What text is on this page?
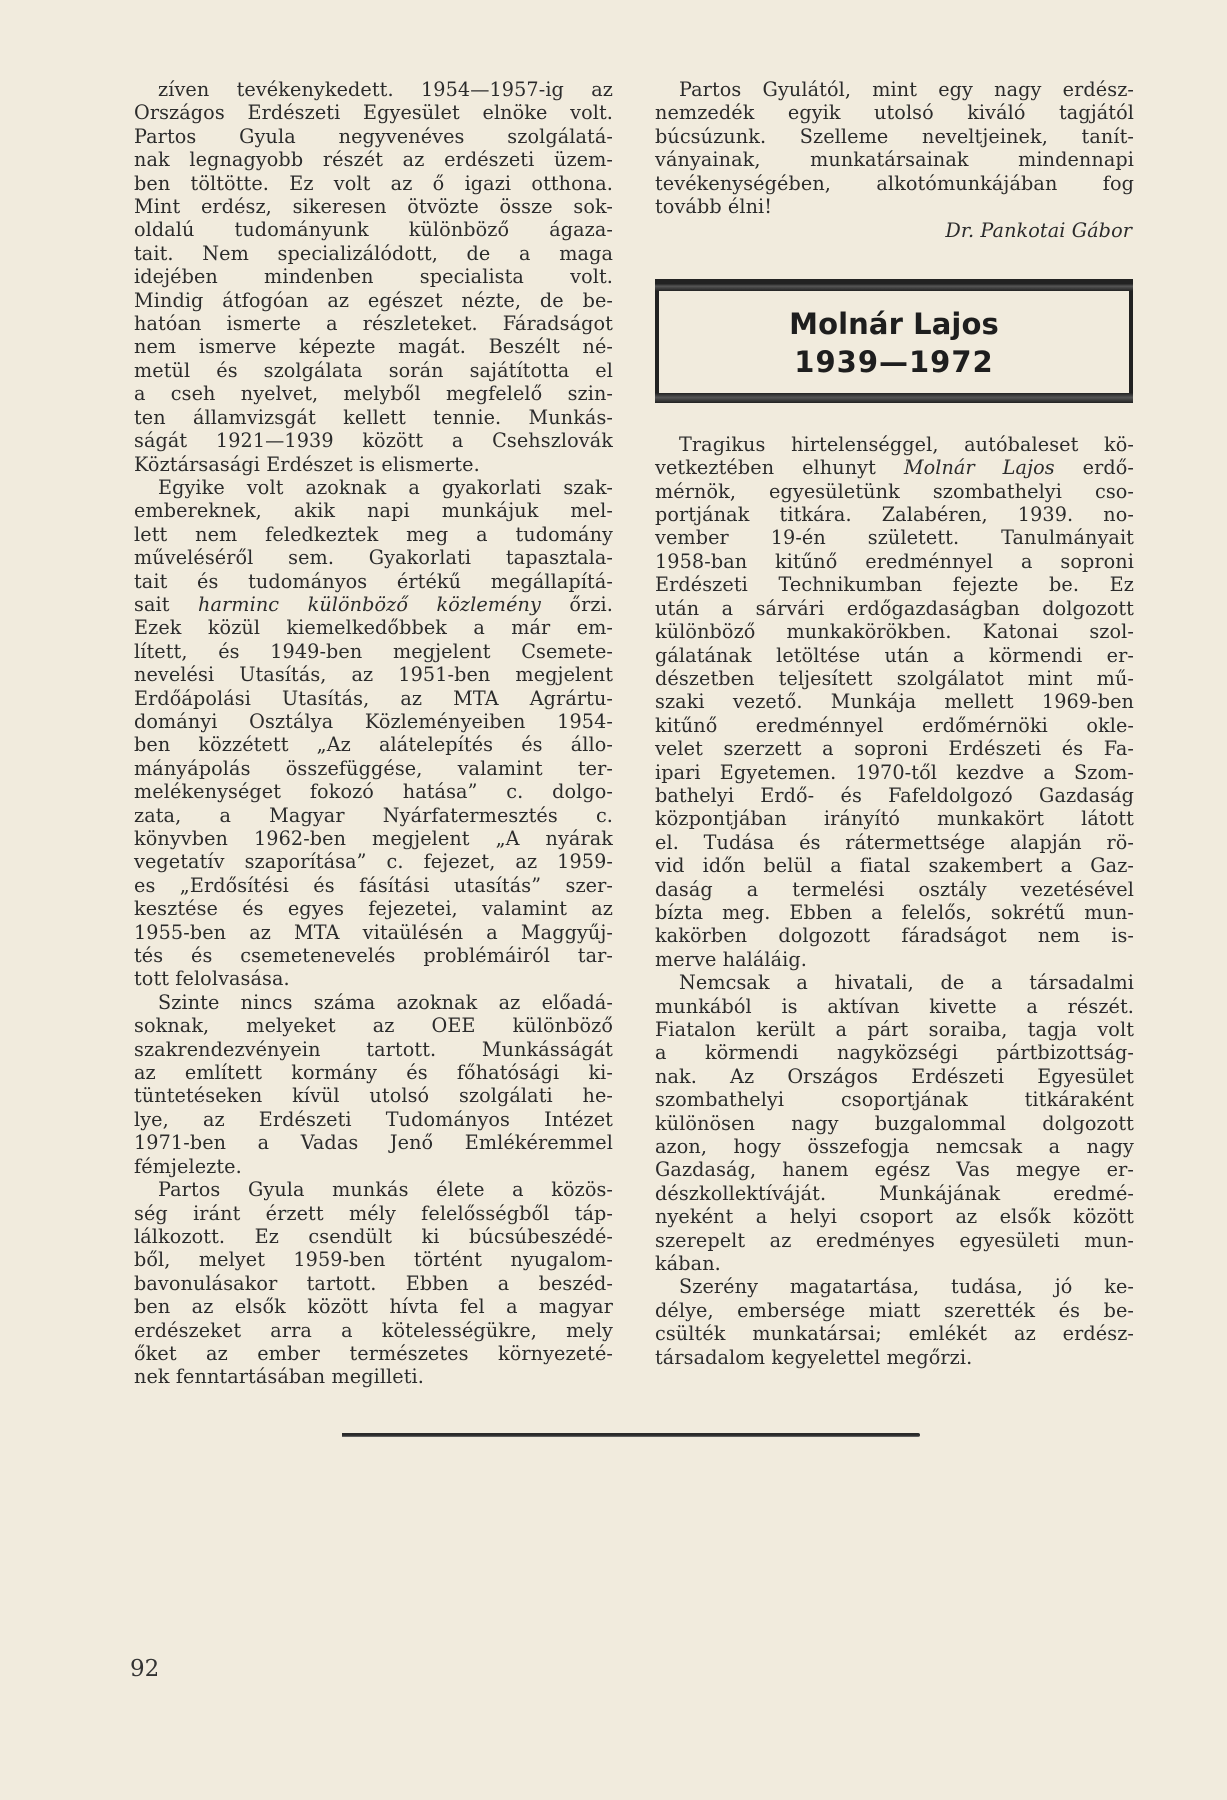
zíven tevékenykedett. 1954—1957-ig az
Országos Erdészeti Egyesület elnöke volt.
Partos Gyula negyvenéves szolgálatá-
nak legnagyobb részét az erdészeti üzem-
ben töltötte. Ez volt az ő igazi otthona.
Mint erdész, sikeresen ötvözte össze sok-
oldalú tudományunk különböző ágaza-
tait. Nem specializálódott, de a maga
idejében mindenben specialista volt.
Mindig átfogóan az egészet nézte, de be-
hatóan ismerte a részleteket. Fáradságot
nem ismerve képezte magát. Beszélt né-
metül és szolgálata során sajátította el
a cseh nyelvet, melyből megfelelő szin-
ten államvizsgát kellett tennie. Munkás-
ságát 1921—1939 között a Csehszlovák
Köztársasági Erdészet is elismerte.
Egyike volt azoknak a gyakorlati szak-
embereknek, akik napi munkájuk mel-
lett nem feledkeztek meg a tudomány
műveléséről sem. Gyakorlati tapasztala-
tait és tudományos értékű megállapítá-
sait harminc különböző közlemény őrzi.
Ezek közül kiemelkedőbbek a már em-
lített, és 1949-ben megjelent Csemete-
nevelési Utasítás, az 1951-ben megjelent
Erdőápolási Utasítás, az MTA Agrártu-
dományi Osztálya Közleményeiben 1954-
ben közzétett „Az alátelepítés és állo-
mányápolás összefüggése, valamint ter-
melékenységet fokozó hatása” c. dolgo-
zata, a Magyar Nyárfatermesztés c.
könyvben 1962-ben megjelent „A nyárak
vegetatív szaporítása” c. fejezet, az 1959-
es „Erdősítési és fásítási utasítás” szer-
kesztése és egyes fejezetei, valamint az
1955-ben az MTA vitaülésén a Maggyűj-
tés és csemetenevelés problémáiról tar-
tott felolvasása.
Szinte nincs száma azoknak az előadá-
soknak, melyeket az OEE különböző
szakrendezvényein tartott. Munkásságát
az említett kormány és főhatósági ki-
tüntetéseken kívül utolsó szolgálati he-
lye, az Erdészeti Tudományos Intézet
1971-ben a Vadas Jenő Emlékéremmel
fémjelezte.
Partos Gyula munkás élete a közös-
ség iránt érzett mély felelősségből táp-
lálkozott. Ez csendült ki búcsúbeszédé-
ből, melyet 1959-ben történt nyugalom-
bavonulásakor tartott. Ebben a beszéd-
ben az elsők között hívta fel a magyar
erdészeket arra a kötelességükre, mely
őket az ember természetes környezeté-
nek fenntartásában megilleti.
Partos Gyulától, mint egy nagy erdész-
nemzedék egyik utolsó kiváló tagjától
búcsúzunk. Szelleme neveltjeinek, tanít-
ványainak, munkatársainak mindennapi
tevékenységében, alkotómunkájában fog
tovább élni!
Dr. Pankotai Gábor
Molnár Lajos
1939—1972
Tragikus hirtelenséggel, autóbaleset kö-
vetkeztében elhunyt Molnár Lajos erdő-
mérnök, egyesületünk szombathelyi cso-
portjának titkára. Zalabéren, 1939. no-
vember 19-én született. Tanulmányait
1958-ban kitűnő eredménnyel a soproni
Erdészeti Technikumban fejezte be. Ez
után a sárvári erdőgazdaságban dolgozott
különböző munkakörökben. Katonai szol-
gálatának letöltése után a körmendi er-
dészetben teljesített szolgálatot mint mű-
szaki vezető. Munkája mellett 1969-ben
kitűnő eredménnyel erdőmérnöki okle-
velet szerzett a soproni Erdészeti és Fa-
ipari Egyetemen. 1970-től kezdve a Szom-
bathelyi Erdő- és Fafeldolgozó Gazdaság
központjában irányító munkakört látott
el. Tudása és rátermettsége alapján rö-
vid időn belül a fiatal szakembert a Gaz-
daság a termelési osztály vezetésével
bízta meg. Ebben a felelős, sokrétű mun-
kakörben dolgozott fáradságot nem is-
merve haláláig.
Nemcsak a hivatali, de a társadalmi
munkából is aktívan kivette a részét.
Fiatalon került a párt soraiba, tagja volt
a körmendi nagyközségi pártbizottság-
nak. Az Országos Erdészeti Egyesület
szombathelyi csoportjának titkáraként
különösen nagy buzgalommal dolgozott
azon, hogy összefogja nemcsak a nagy
Gazdaság, hanem egész Vas megye er-
dészkollektíváját. Munkájának eredmé-
nyeként a helyi csoport az elsők között
szerepelt az eredményes egyesületi mun-
kában.
Szerény magatartása, tudása, jó ke-
délye, embersége miatt szerették és be-
csülték munkatársai; emlékét az erdész-
társadalom kegyelettel megőrzi.
92
